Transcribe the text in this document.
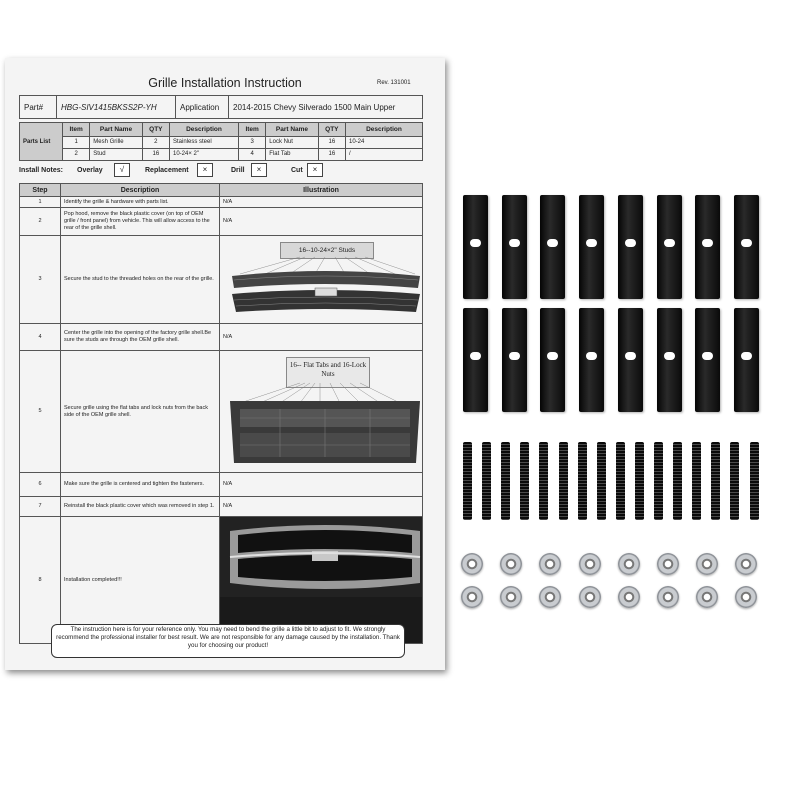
Grille Installation Instruction	Rev. 131001
Part#	HBG-SIV1415BKSS2P-YH	Application	2014-2015 Chevy Silverado 1500 Main Upper
Parts List	Item	Part Name	QTY	Description	Item	Part Name	QTY	Description
	1	Mesh Grille	2	Stainless steel	3	Lock Nut	16	10-24
	2	Stud	16	10-24× 2"	4	Flat Tab	16	/
Install Notes: Overlay	√	Replacement	×	Drill	×	Cut	×
Step	Description	Illustration
1	Identify the grille & hardware with parts list.	N/A
2	Pop hood, remove the black plastic cover (on top of OEM grille / front panel) from vehicle. This will allow access to the rear of the grille shell.	N/A
3	Secure the stud to the threaded holes on the rear of the grille.	16--10-24×2" Studs

4	Center the grille into the opening of the factory grille shell.Be sure the studs are through the OEM grille shell.	N/A
5	Secure grille using the flat tabs and lock nuts from the back side of the OEM grille shell.	16-- Flat Tabs and 16-Lock Nuts

6	Make sure the grille is centered and tighten the fasteners.	N/A
7	Reinstall the black plastic cover which was removed in step 1.	N/A
8	Installation completed!!!	
The instruction here is for your reference only. You may need to bend the grille a little bit to adjust to fit. We strongly recommend the professional installer for best result. We are not responsible for any damage caused by the installation. Thank you for choosing our product!
